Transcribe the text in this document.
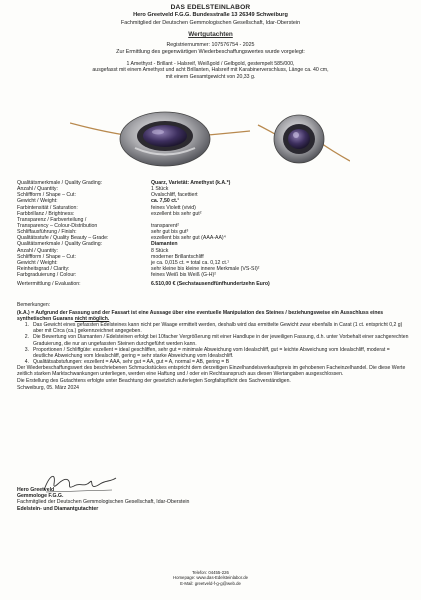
DAS EDELSTEINLABOR
Hero Greetveld F.G.G. Bundesstraße 13 26349 Schweiburg
Fachmitglied der Deutschen Gemmologischen Gesellschaft, Idar-Oberstein
Wertgutachten
Registriernummer: 107576754 - 2025
Zur Ermittlung des gegenwärtigen Wiederbeschaffungswertes wurde vorgelegt:
1 Amethyst - Brillant - Halsreif, Weißgold / Gelbgold, gestempelt 585/000,
ausgefasst mit einem Amethyst und acht Brillanten, Halsreif mit Karabinerverschluss, Länge ca. 40 cm,
mit einem Gesamtgewicht von 20,33 g.
Qualitätsmerkmale / Quality Grading:	Quarz, Varietät: Amethyst (k.A.*)
Anzahl / Quantity:	1 Stück
Schliffform / Shape – Cut:	Ovalschliff, facettiert
Gewicht / Weight:	ca. 7,50 ct.¹
Farbintensität / Saturation:	feines Violett (vivid)
Farbbrillanz / Brightness:	exzellent bis sehr gut²
Transparenz / Farbverteilung /
Transparency – Colour-Distribution	transparent²
Schliffausführung / Finish:	sehr gut bis gut³
Qualitätsstufe / Quality Beauty – Grade:	exzellent bis sehr gut (AAA-AA)⁴
Qualitätsmerkmale / Quality Grading:	Diamanten
Anzahl / Quantity:	8 Stück
Schliffform / Shape – Cut:	moderner Brillantschliff
Gewicht / Weight:	je ca. 0,015 ct. = total ca. 0,12 ct.¹
Reinheitsgrad / Clarity:	sehr kleine bis kleine innere Merkmale (VS-SI)²
Farbgraduierung / Colour:	feines Weiß bis Weiß (G-H)²
Wertermittlung / Evaluation:	6.510,00 € (Sechstausendfünfhundertzehn Euro)

Bemerkungen:

(k.A.) = Aufgrund der Fassung und der Fassart ist eine Aussage über eine eventuelle Manipulation des Steines / beziehungsweise ein Ausschluss eines synthetischen Guarans nicht möglich.

1. Das Gewicht eines gefassten Edelsteines kann nicht per Waage ermittelt werden, deshalb wird das ermittelte Gewicht zwar ebenfalls in Carat (1 ct. entspricht 0,2 g) aber mit Circa (ca.) gekennzeichnet angegeben.
2. Die Bewertung von Diamanten / Edelsteinen erfolgt bei 10facher Vergrößerung mit einer Handlupe in der jeweiligen Fassung, d.h. unter Vorbehalt einer sachgerechten Graduierung, die nur an ungefassten Steinen durchgeführt werden kann.
3. Proportionen / Schliffgüte: exzellent = ideal geschliffen, sehr gut = minimale Abweichung vom Idealschliff, gut = leichte Abweichung vom Idealschliff, moderat = deutliche Abweichung vom Idealschliff, gering = sehr starke Abweichung vom Idealschliff.
4. Qualitätsabstufungen: exzellent = AAA, sehr gut = AA, gut = A, normal = AB, gering = B

Der Wiederbeschaffungswert des beschriebenen Schmuckstückes entspricht dem derzeitigen Einzelhandelsverkaufspreis im gehobenen Facheinzelhandel. Die diese Werte zeitlich starken Marktschwankungen unterliegen, werden eine Haftung und / oder ein Rechtsanspruch aus diesen Wertangaben ausgeschlossen.

Die Erstellung des Gutachtens erfolgte unter Beachtung der gesetzlich auferlegten Sorgfaltspflicht des Sachverständigen.

Schweiburg, 05. März 2024

Hero Greetveld
Gemmologe F.G.G.
Fachmitglied der Deutschen Gemmologischen Gesellschaft, Idar-Oberstein
Edelstein- und Diamantgutachter
Telefon: 04455-226
Homepage: www.das-Edelsteinlabor.de
E-Mail: greetveld-f-g-g@web.de
